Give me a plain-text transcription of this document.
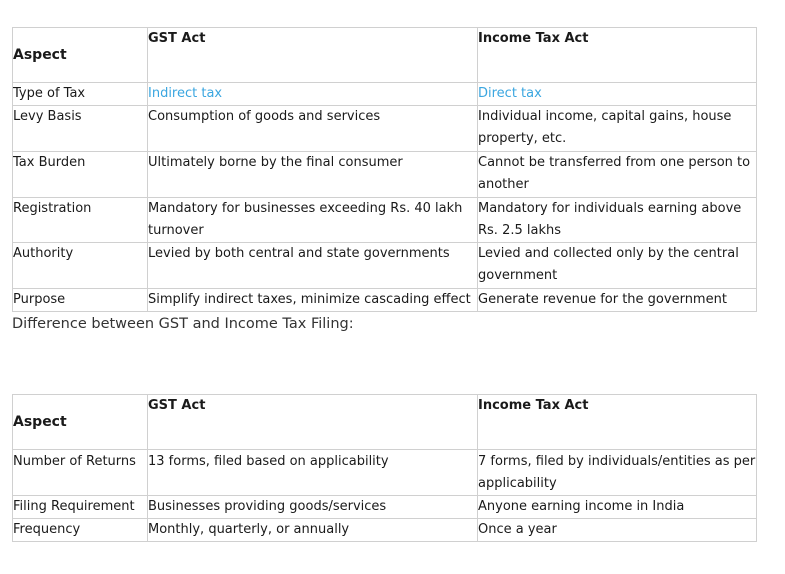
Aspect	GST Act	Income Tax Act
Type of Tax	Indirect tax	Direct tax
Levy Basis	Consumption of goods and services	Individual income, capital gains, house property, etc.
Tax Burden	Ultimately borne by the final consumer	Cannot be transferred from one person to another
Registration	Mandatory for businesses exceeding Rs. 40 lakh turnover	Mandatory for individuals earning above Rs. 2.5 lakhs
Authority	Levied by both central and state governments	Levied and collected only by the central government
Purpose	Simplify indirect taxes, minimize cascading effect	Generate revenue for the government
Difference between GST and Income Tax Filing:
Aspect	GST Act	Income Tax Act
Number of Returns	13 forms, filed based on applicability	7 forms, filed by individuals/entities as per applicability
Filing Requirement	Businesses providing goods/services	Anyone earning income in India
Frequency	Monthly, quarterly, or annually	Once a year
